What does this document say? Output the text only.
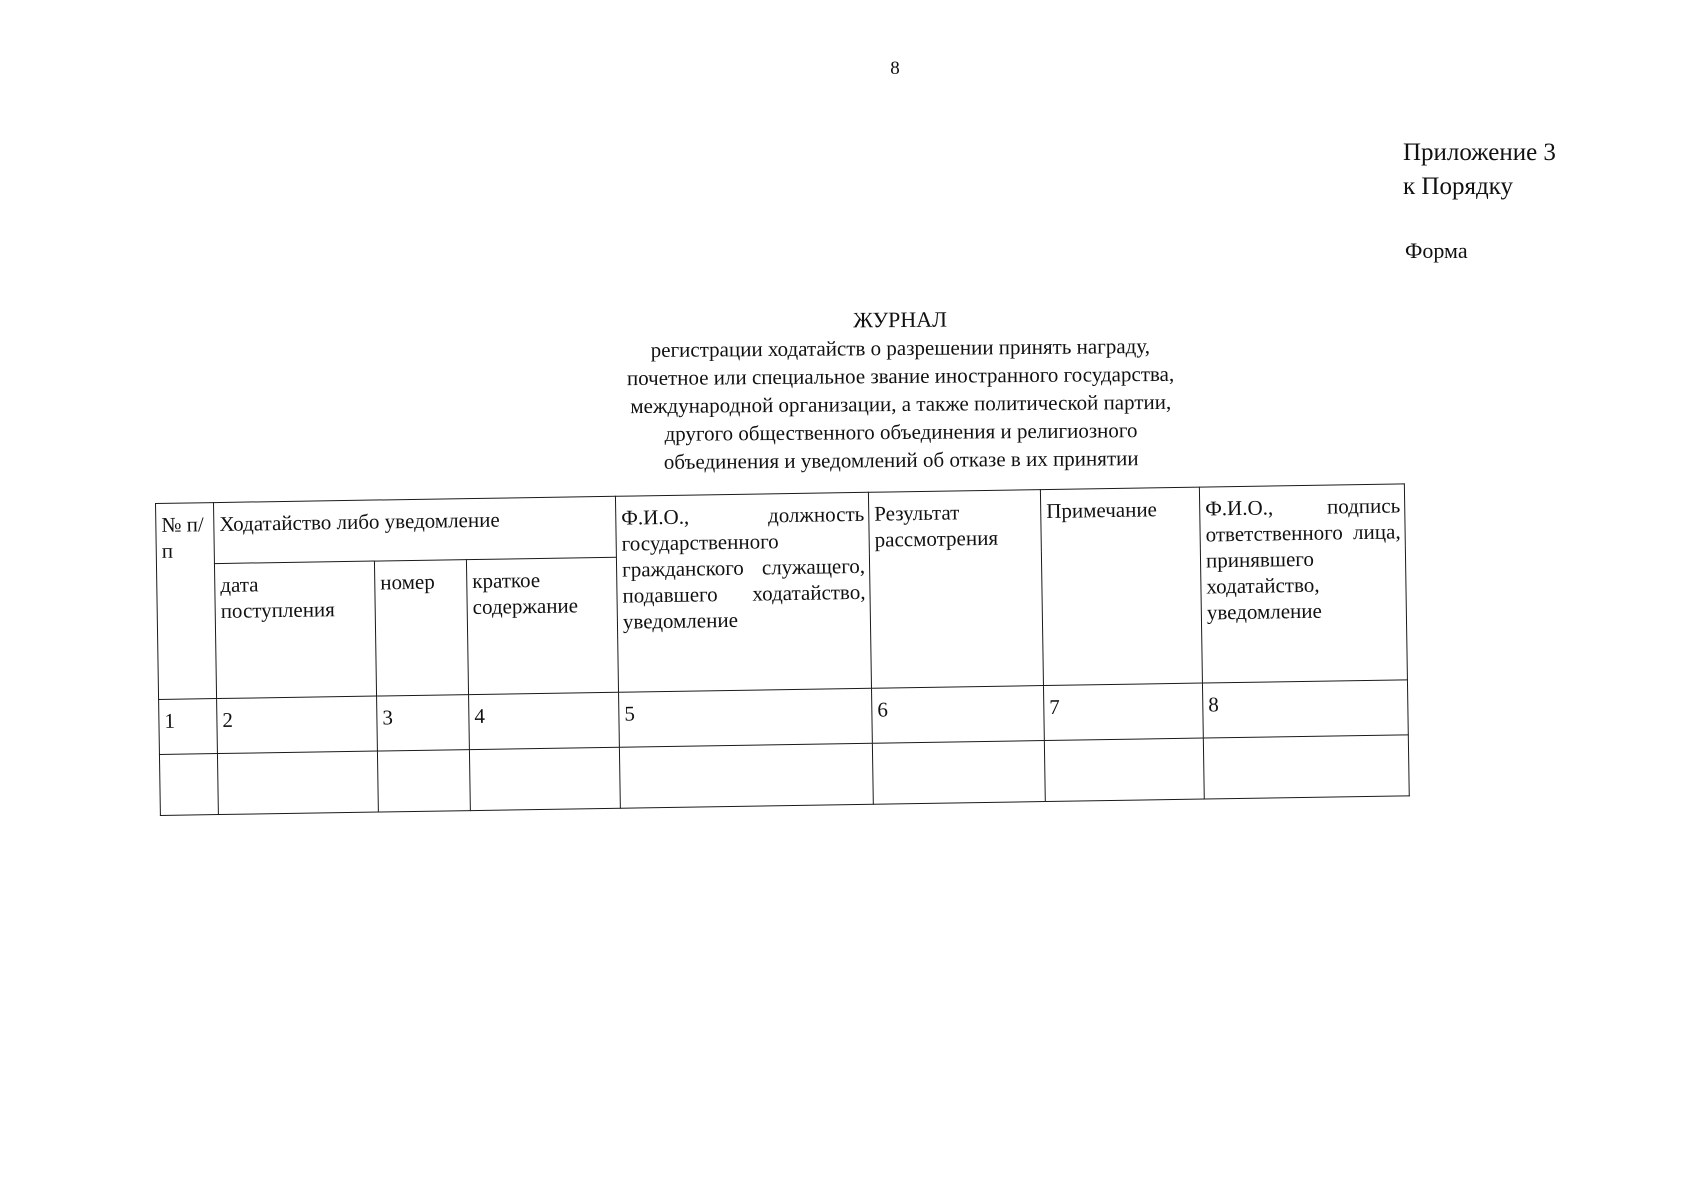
8
Приложение 3
к Порядку
Форма
ЖУРНАЛ
регистрации ходатайств о разрешении принять награду,
почетное или специальное звание иностранного государства,
международной организации, а также политической партии,
другого общественного объединения и религиозного
объединения и уведомлений об отказе в их принятии
№ п/п	Ходатайство либо уведомление			Ф.И.О., должность государственного гражданского служащего, подавшего ходатайство, уведомление	Результат рассмотрения	Примечание	Ф.И.О., подпись ответственного лица, принявшего ходатайство, уведомление
	дата поступления	номер	краткое содержание				
1	2	3	4	5	6	7	8
